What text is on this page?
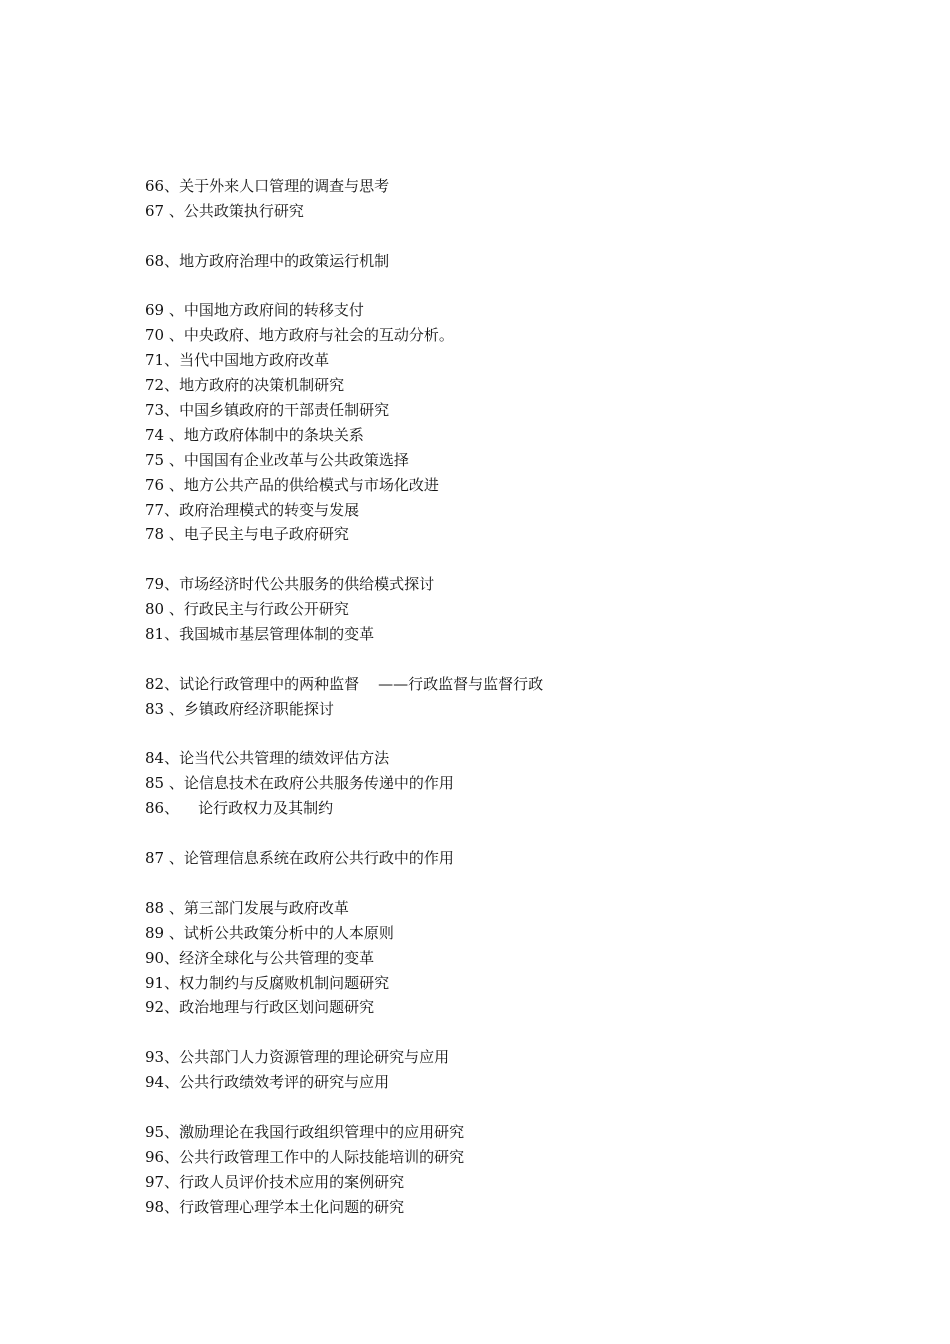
66、关于外来人口管理的调查与思考
67 、公共政策执行研究
68、地方政府治理中的政策运行机制
69 、中国地方政府间的转移支付
70 、中央政府、地方政府与社会的互动分析。
71、当代中国地方政府改革
72、地方政府的决策机制研究
73、中国乡镇政府的干部责任制研究
74 、地方政府体制中的条块关系
75 、中国国有企业改革与公共政策选择
76 、地方公共产品的供给模式与市场化改进
77、政府治理模式的转变与发展
78 、电子民主与电子政府研究
79、市场经济时代公共服务的供给模式探讨
80 、行政民主与行政公开研究
81、我国城市基层管理体制的变革
82、试论行政管理中的两种监督    ——行政监督与监督行政
83 、乡镇政府经济职能探讨
84、论当代公共管理的绩效评估方法
85 、论信息技术在政府公共服务传递中的作用
86、    论行政权力及其制约
87 、论管理信息系统在政府公共行政中的作用
88 、第三部门发展与政府改革
89 、试析公共政策分析中的人本原则
90、经济全球化与公共管理的变革
91、权力制约与反腐败机制问题研究
92、政治地理与行政区划问题研究
93、公共部门人力资源管理的理论研究与应用
94、公共行政绩效考评的研究与应用
95、激励理论在我国行政组织管理中的应用研究
96、公共行政管理工作中的人际技能培训的研究
97、行政人员评价技术应用的案例研究
98、行政管理心理学本土化问题的研究
